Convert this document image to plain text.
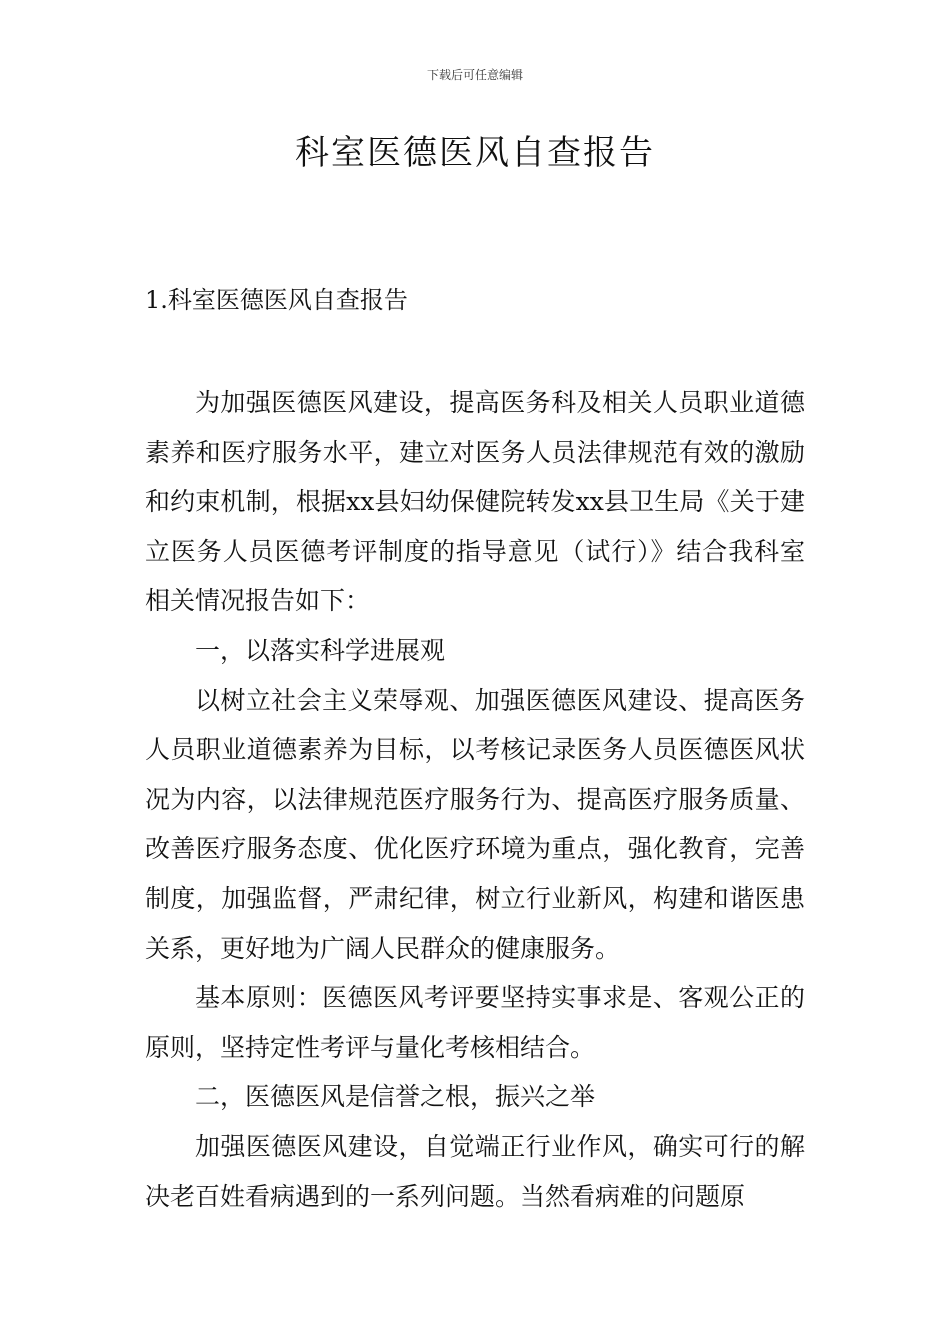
下载后可任意编辑
科室医德医风自查报告
1.科室医德医风自查报告

为加强医德医风建设，提高医务科及相关人员职业道德素养和医疗服务水平，建立对医务人员法律规范有效的激励和约束机制，根据xx县妇幼保健院转发xx县卫生局《关于建立医务人员医德考评制度的指导意见（试行）》结合我科室相关情况报告如下：

一，以落实科学进展观

以树立社会主义荣辱观、加强医德医风建设、提高医务人员职业道德素养为目标，以考核记录医务人员医德医风状况为内容，以法律规范医疗服务行为、提高医疗服务质量、改善医疗服务态度、优化医疗环境为重点，强化教育，完善制度，加强监督，严肃纪律，树立行业新风，构建和谐医患关系，更好地为广阔人民群众的健康服务。

基本原则：医德医风考评要坚持实事求是、客观公正的原则，坚持定性考评与量化考核相结合。

二，医德医风是信誉之根，振兴之举

加强医德医风建设，自觉端正行业作风，确实可行的解决老百姓看病遇到的一系列问题。当然看病难的问题原
